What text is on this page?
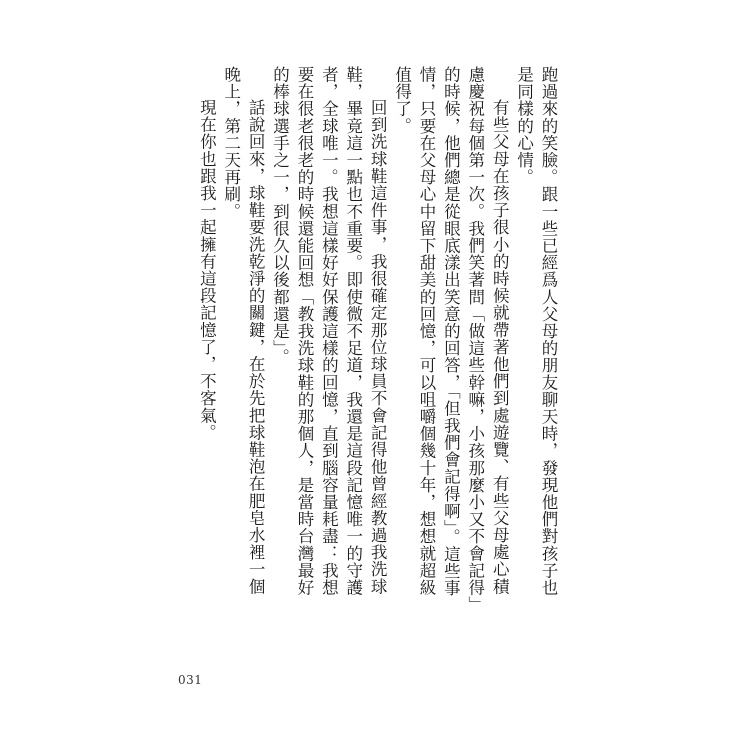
跑過來的笑臉。跟一些已經爲人父母的朋友聊天時，發現他們對孩子也是同樣的心情。

有些父母在孩子很小的時候就帶著他們到處遊覽、有些父母處心積慮慶祝每個第一次。我們笑著問「做這些幹嘛，小孩那麼小又不會記得」的時候，他們總是從眼底漾出笑意的回答，「但我們會記得啊」。這些事情，只要在父母心中留下甜美的回憶，可以咀嚼個幾十年，想想就超級值得了。

回到洗球鞋這件事，我很確定那位球員不會記得他曾經教過我洗球鞋，畢竟這一點也不重要。即使微不足道，我還是這段記憶唯一的守護者，全球唯一。我想這樣好好保護這樣的回憶，直到腦容量耗盡：我想要在很老很老的時候還能回想「教我洗球鞋的那個人，是當時台灣最好的棒球選手之一，到很久以後都還是」。

話說回來，球鞋要洗乾淨的關鍵，在於先把球鞋泡在肥皂水裡一個晚上，第二天再刷。

現在你也跟我一起擁有這段記憶了，不客氣。

031
